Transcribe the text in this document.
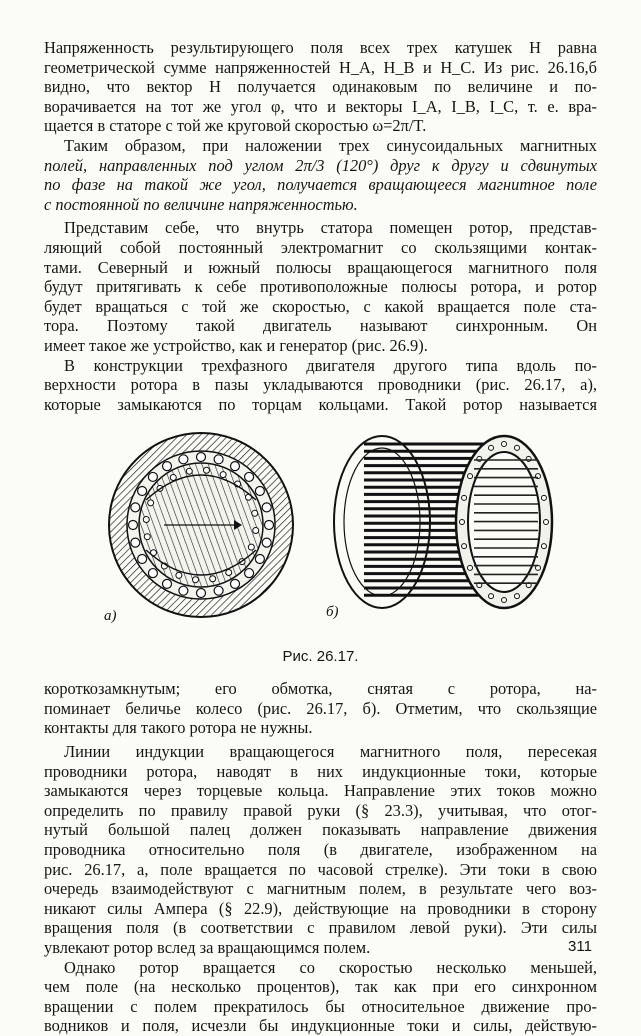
Напряженность результирующего поля всех трех катушек H равна
геометрической сумме напряженностей H_A, H_B и H_C. Из рис. 26.16,б
видно, что вектор H получается одинаковым по величине и по-
ворачивается на тот же угол φ, что и векторы I_A, I_B, I_C, т. е. вра-
щается в статоре с той же круговой скоростью ω=2π/T.

Таким образом, при наложении трех синусоидальных магнитных
полей, направленных под углом 2π/3 (120°) друг к другу и сдвинутых
по фазе на такой же угол, получается вращающееся магнитное поле
с постоянной по величине напряженностью.

Представим себе, что внутрь статора помещен ротор, представ-
ляющий собой постоянный электромагнит со скользящими контак-
тами. Северный и южный полюсы вращающегося магнитного поля
будут притягивать к себе противоположные полюсы ротора, и ротор
будет вращаться с той же скоростью, с какой вращается поле ста-
тора. Поэтому такой двигатель называют синхронным. Он
имеет такое же устройство, как и генератор (рис. 26.9).

В конструкции трехфазного двигателя другого типа вдоль по-
верхности ротора в пазы укладываются проводники (рис. 26.17, а),
которые замыкаются по торцам кольцами. Такой ротор называется

а)	б)

Рис. 26.17.

короткозамкнутым; его обмотка, снятая с ротора, на-
поминает беличье колесо (рис. 26.17, б). Отметим, что скользящие
контакты для такого ротора не нужны.

Линии индукции вращающегося магнитного поля, пересекая
проводники ротора, наводят в них индукционные токи, которые
замыкаются через торцевые кольца. Направление этих токов можно
определить по правилу правой руки (§ 23.3), учитывая, что отог-
нутый большой палец должен показывать направление движения
проводника относительно поля (в двигателе, изображенном на
рис. 26.17, а, поле вращается по часовой стрелке). Эти токи в свою
очередь взаимодействуют с магнитным полем, в результате чего воз-
никают силы Ампера (§ 22.9), действующие на проводники в сторону
вращения поля (в соответствии с правилом левой руки). Эти силы
увлекают ротор вслед за вращающимся полем.

Однако ротор вращается со скоростью несколько меньшей,
чем поле (на несколько процентов), так как при его синхронном
вращении с полем прекратилось бы относительное движение про-
водников и поля, исчезли бы индукционные токи и силы, действую-

311
